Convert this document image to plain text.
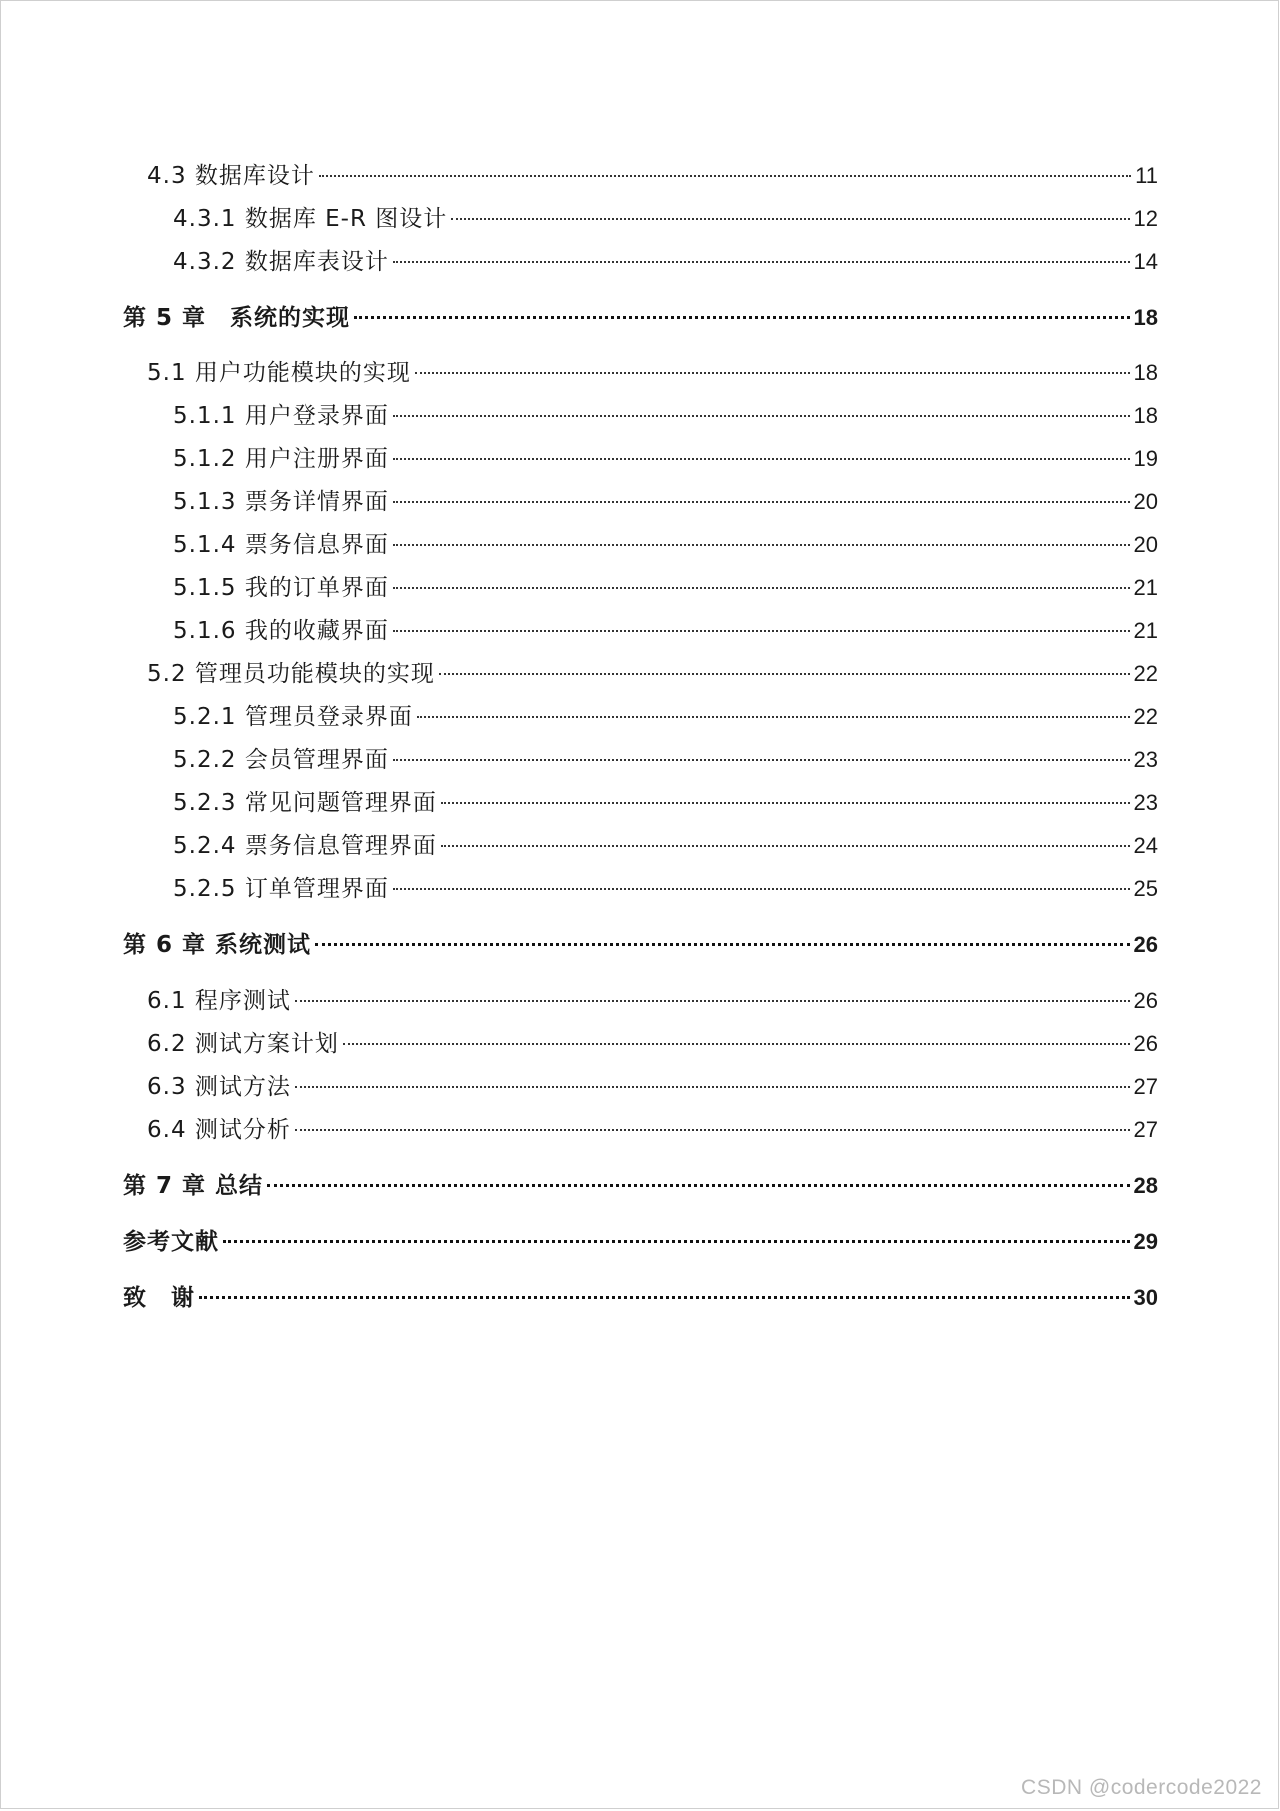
4.3 数据库设计	11
4.3.1 数据库 E-R 图设计	12
4.3.2 数据库表设计	14
第 5 章　系统的实现	18
5.1 用户功能模块的实现	18
5.1.1 用户登录界面	18
5.1.2 用户注册界面	19
5.1.3 票务详情界面	20
5.1.4 票务信息界面	20
5.1.5 我的订单界面	21
5.1.6 我的收藏界面	21
5.2 管理员功能模块的实现	22
5.2.1 管理员登录界面	22
5.2.2 会员管理界面	23
5.2.3 常见问题管理界面	23
5.2.4 票务信息管理界面	24
5.2.5 订单管理界面	25
第 6 章 系统测试	26
6.1 程序测试	26
6.2 测试方案计划	26
6.3 测试方法	27
6.4 测试分析	27
第 7 章 总结	28
参考文献	29
致　谢	30
CSDN @codercode2022
